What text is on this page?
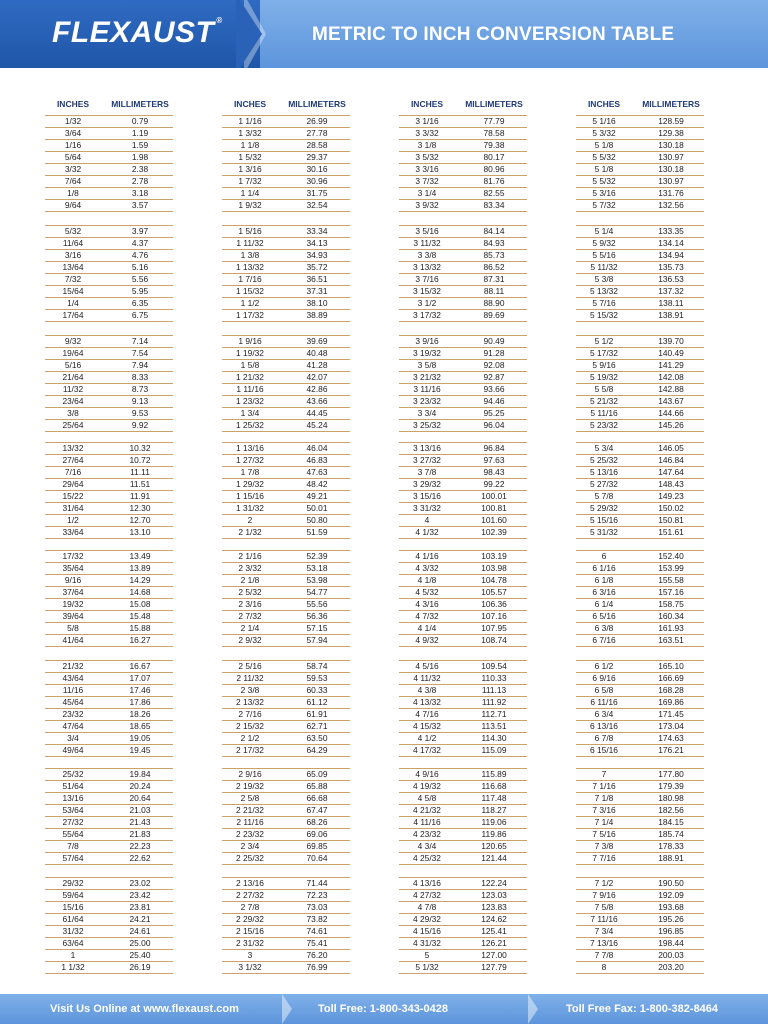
FLEXAUST ®
METRIC TO INCH CONVERSION TABLE
INCHES	MILLIMETERS
1/32	0.79
3/64	1.19
1/16	1.59
5/64	1.98
3/32	2.38
7/64	2.78
1/8	3.18
9/64	3.57
5/32	3.97
11/64	4.37
3/16	4.76
13/64	5.16
7/32	5.56
15/64	5.95
1/4	6.35
17/64	6.75
9/32	7.14
19/64	7.54
5/16	7.94
21/64	8.33
11/32	8.73
23/64	9.13
3/8	9.53
25/64	9.92
13/32	10.32
27/64	10.72
7/16	11.11
29/64	11.51
15/22	11.91
31/64	12.30
1/2	12.70
33/64	13.10
17/32	13.49
35/64	13.89
9/16	14.29
37/64	14.68
19/32	15.08
39/64	15.48
5/8	15.88
41/64	16.27
21/32	16.67
43/64	17.07
11/16	17.46
45/64	17.86
23/32	18.26
47/64	18.65
3/4	19.05
49/64	19.45
25/32	19.84
51/64	20.24
13/16	20.64
53/64	21.03
27/32	21.43
55/64	21.83
7/8	22.23
57/64	22.62
29/32	23.02
59/64	23.42
15/16	23.81
61/64	24.21
31/32	24.61
63/64	25.00
1	25.40
1 1/32	26.19
INCHES	MILLIMETERS
1 1/16	26.99
1 3/32	27.78
1 1/8	28.58
1 5/32	29.37
1 3/16	30.16
1 7/32	30.96
1 1/4	31.75
1 9/32	32.54
1 5/16	33.34
1 11/32	34.13
1 3/8	34.93
1 13/32	35.72
1 7/16	36.51
1 15/32	37.31
1 1/2	38.10
1 17/32	38.89
1 9/16	39.69
1 19/32	40.48
1 5/8	41.28
1 21/32	42.07
1 11/16	42.86
1 23/32	43.66
1 3/4	44.45
1 25/32	45.24
1 13/16	46.04
1 27/32	46.83
1 7/8	47.63
1 29/32	48.42
1 15/16	49.21
1 31/32	50.01
2	50.80
2 1/32	51.59
2 1/16	52.39
2 3/32	53.18
2 1/8	53.98
2 5/32	54.77
2 3/16	55.56
2 7/32	56.36
2 1/4	57.15
2 9/32	57.94
2 5/16	58.74
2 11/32	59.53
2 3/8	60.33
2 13/32	61.12
2 7/16	61.91
2 15/32	62.71
2 1/2	63.50
2 17/32	64.29
2 9/16	65.09
2 19/32	65.88
2 5/8	66.68
2 21/32	67.47
2 11/16	68.26
2 23/32	69.06
2 3/4	69.85
2 25/32	70.64
2 13/16	71.44
2 27/32	72.23
2 7/8	73.03
2 29/32	73.82
2 15/16	74.61
2 31/32	75.41
3	76.20
3 1/32	76.99
INCHES	MILLIMETERS
3 1/16	77.79
3 3/32	78.58
3 1/8	79.38
3 5/32	80.17
3 3/16	80.96
3 7/32	81.76
3 1/4	82.55
3 9/32	83.34
3 5/16	84.14
3 11/32	84.93
3 3/8	85.73
3 13/32	86.52
3 7/16	87.31
3 15/32	88.11
3 1/2	88.90
3 17/32	89.69
3 9/16	90.49
3 19/32	91.28
3 5/8	92.08
3 21/32	92.87
3 11/16	93.66
3 23/32	94.46
3 3/4	95.25
3 25/32	96.04
3 13/16	96.84
3 27/32	97.63
3 7/8	98.43
3 29/32	99.22
3 15/16	100.01
3 31/32	100.81
4	101.60
4 1/32	102.39
4 1/16	103.19
4 3/32	103.98
4 1/8	104.78
4 5/32	105.57
4 3/16	106.36
4 7/32	107.16
4 1/4	107.95
4 9/32	108.74
4 5/16	109.54
4 11/32	110.33
4 3/8	111.13
4 13/32	111.92
4 7/16	112.71
4 15/32	113.51
4 1/2	114.30
4 17/32	115.09
4 9/16	115.89
4 19/32	116.68
4 5/8	117.48
4 21/32	118.27
4 11/16	119.06
4 23/32	119.86
4 3/4	120.65
4 25/32	121.44
4 13/16	122.24
4 27/32	123.03
4 7/8	123.83
4 29/32	124.62
4 15/16	125.41
4 31/32	126.21
5	127.00
5 1/32	127.79
INCHES	MILLIMETERS
5 1/16	128.59
5 3/32	129.38
5 1/8	130.18
5 5/32	130.97
5 1/8	130.18
5 5/32	130.97
5 3/16	131.76
5 7/32	132.56
5 1/4	133.35
5 9/32	134.14
5 5/16	134.94
5 11/32	135.73
5 3/8	136.53
5 13/32	137.32
5 7/16	138.11
5 15/32	138.91
5 1/2	139.70
5 17/32	140.49
5 9/16	141.29
5 19/32	142.08
5 5/8	142.88
5 21/32	143.67
5 11/16	144.66
5 23/32	145.26
5 3/4	146.05
5 25/32	146.84
5 13/16	147.64
5 27/32	148.43
5 7/8	149.23
5 29/32	150.02
5 15/16	150.81
5 31/32	151.61
6	152.40
6 1/16	153.99
6 1/8	155.58
6 3/16	157.16
6 1/4	158.75
6 5/16	160.34
6 3/8	161.93
6 7/16	163.51
6 1/2	165.10
6 9/16	166.69
6 5/8	168.28
6 11/16	169.86
6 3/4	171.45
6 13/16	173.04
6 7/8	174.63
6 15/16	176.21
7	177.80
7 1/16	179.39
7 1/8	180.98
7 3/16	182.56
7 1/4	184.15
7 5/16	185.74
7 3/8	178.33
7 7/16	188.91
7 1/2	190.50
7 9/16	192.09
7 5/8	193.68
7 11/16	195.26
7 3/4	196.85
7 13/16	198.44
7 7/8	200.03
8	203.20
Visit Us Online at www.flexaust.com	Toll Free: 1-800-343-0428	Toll Free Fax: 1-800-382-8464
